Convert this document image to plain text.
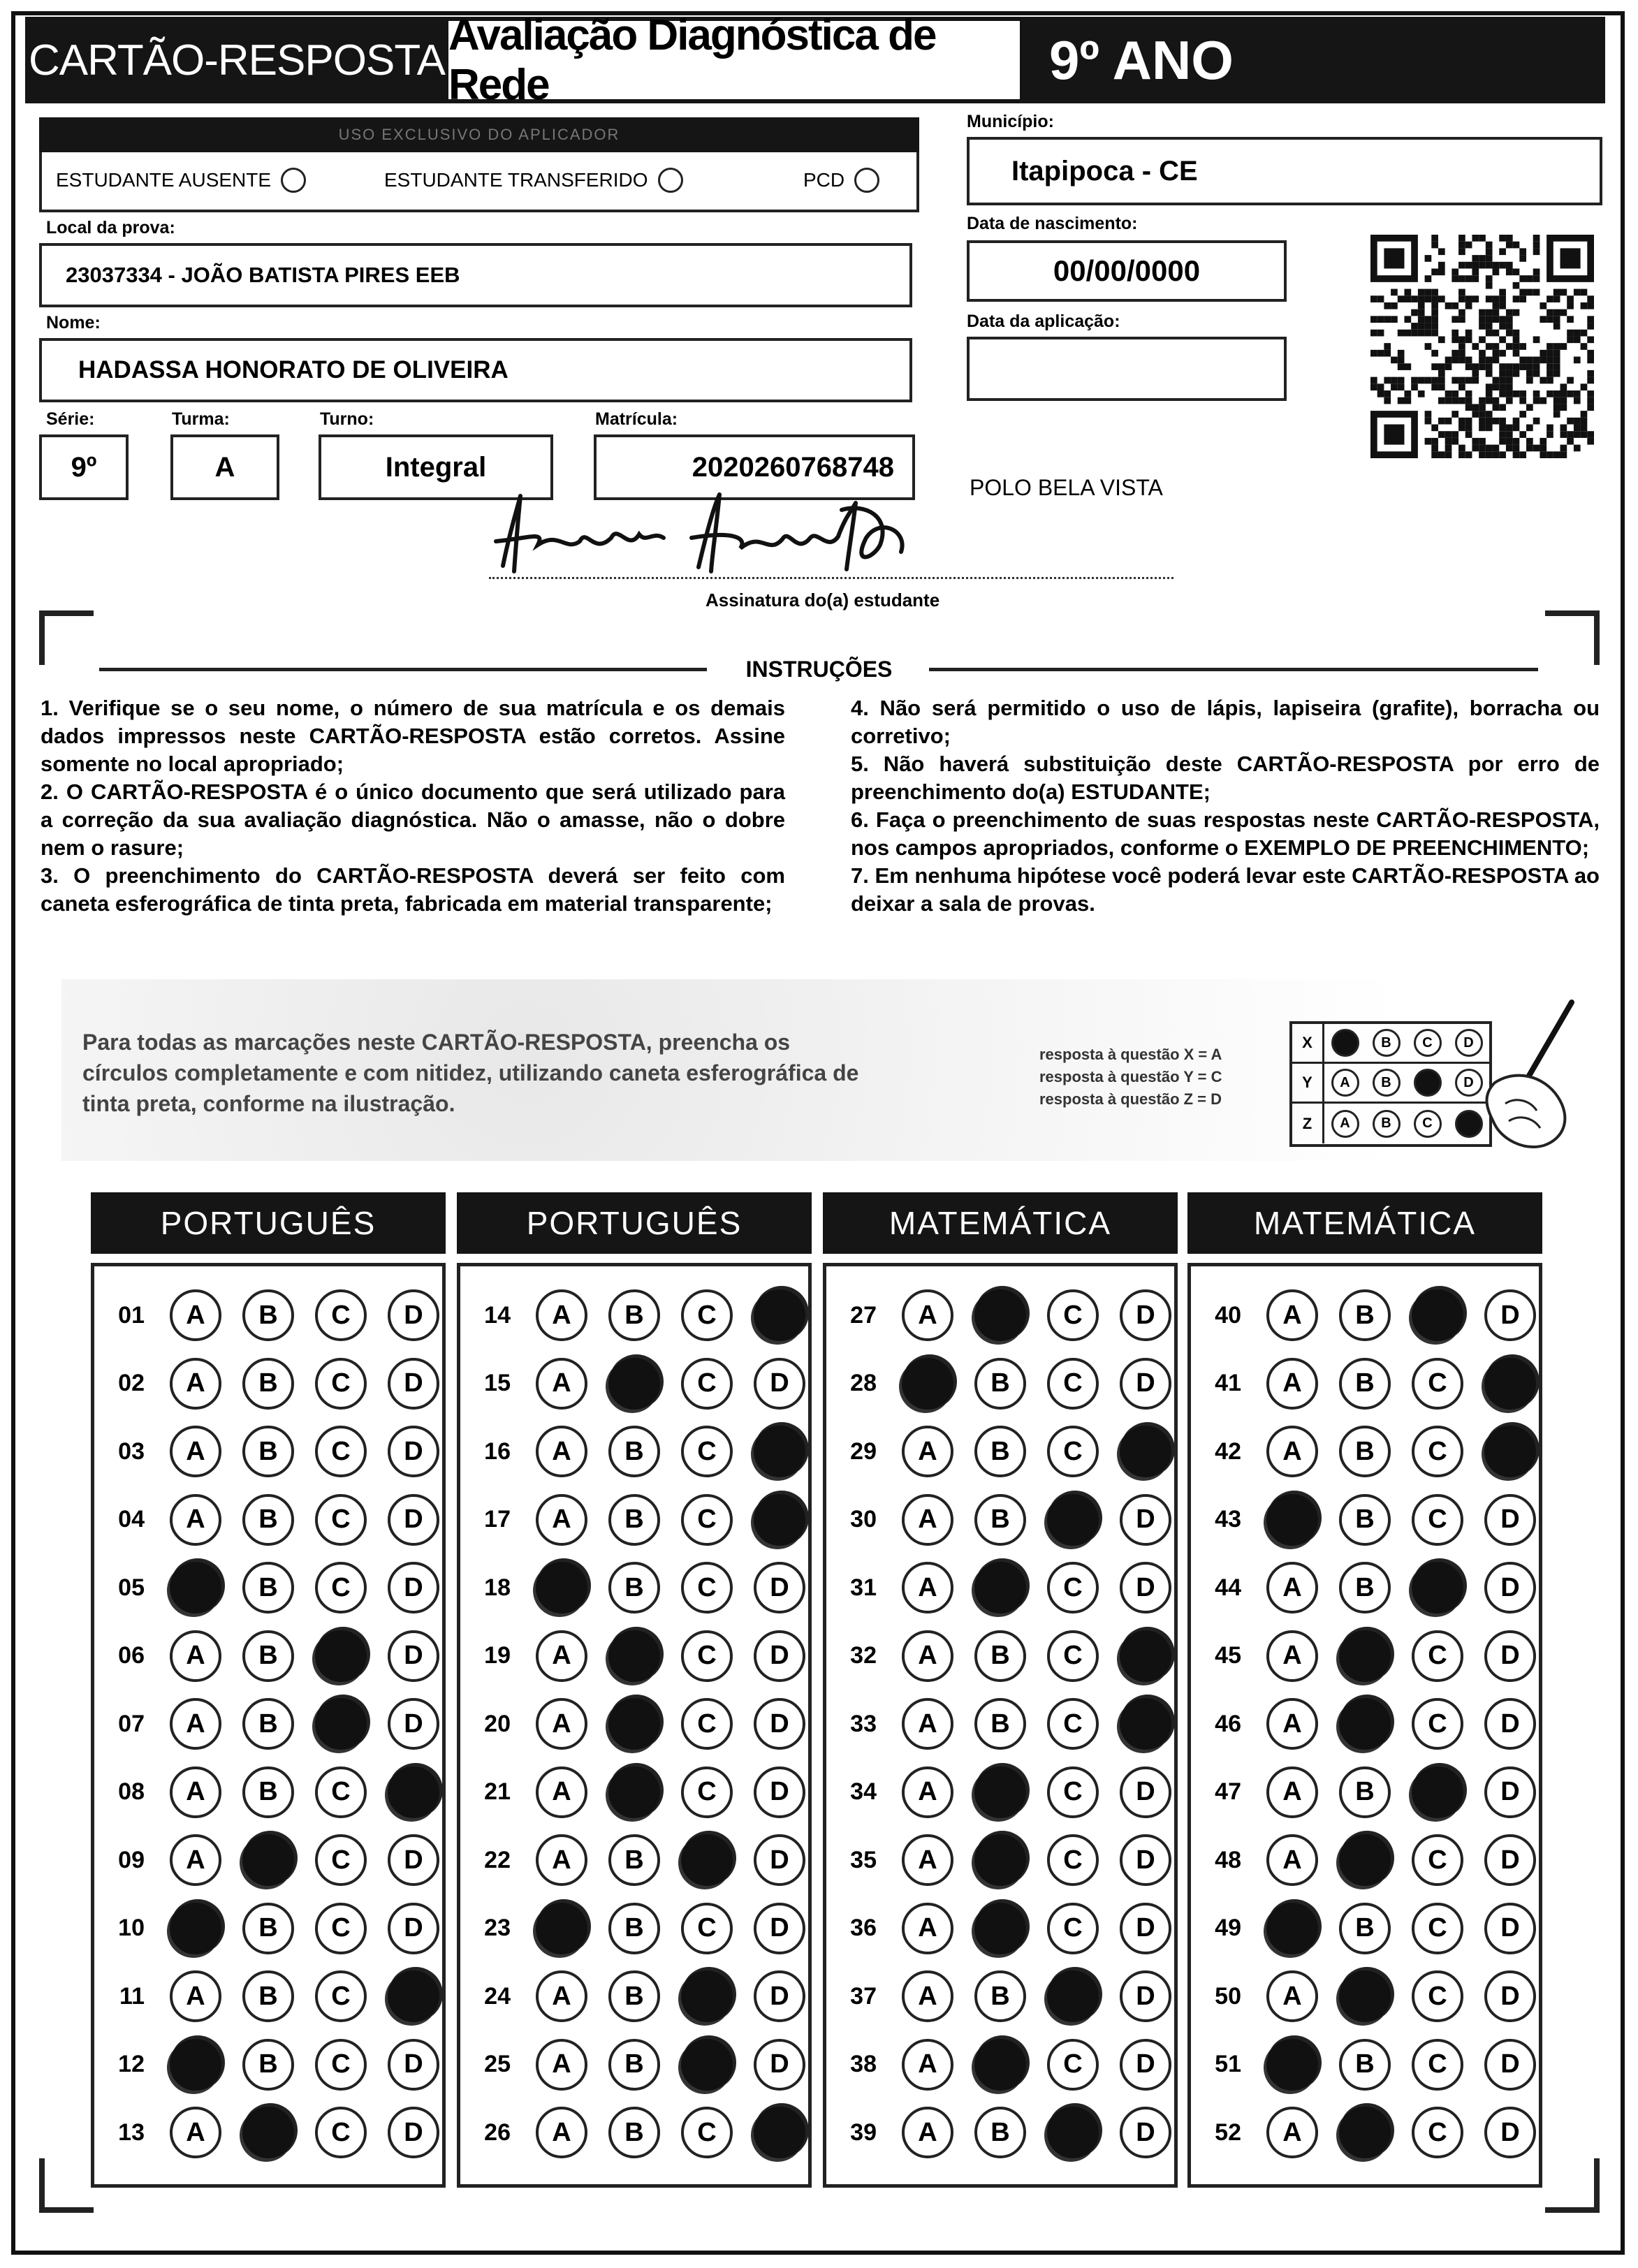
CARTÃO-RESPOSTA
Avaliação Diagnóstica de Rede	9º ANO
USO EXCLUSIVO DO APLICADOR
ESTUDANTE AUSENTE	ESTUDANTE TRANSFERIDO	PCD
Município:
Itapipoca - CE
Local da prova:
23037334 - JOÃO BATISTA PIRES EEB
Data de nascimento:
00/00/0000
Data da aplicação:
Nome:
HADASSA HONORATO DE OLIVEIRA
Série:
9º
Turma:
A
Turno:
Integral
Matrícula:
2020260768748
POLO BELA VISTA
Assinatura do(a) estudante
INSTRUÇÕES

1. Verifique se o seu nome, o número de sua matrícula e os demais dados impressos neste CARTÃO-RESPOSTA estão corretos. Assine somente no local apropriado;

2. O CARTÃO-RESPOSTA é o único documento que será utilizado para a correção da sua avaliação diagnóstica. Não o amasse, não o dobre nem o rasure;

3. O preenchimento do CARTÃO-RESPOSTA deverá ser feito com caneta esferográfica de tinta preta, fabricada em material transparente;

4. Não será permitido o uso de lápis, lapiseira (grafite), borracha ou corretivo;

5. Não haverá substituição deste CARTÃO-RESPOSTA por erro de preenchimento do(a) ESTUDANTE;

6. Faça o preenchimento de suas respostas neste CARTÃO-RESPOSTA, nos campos apropriados, conforme o EXEMPLO DE PREENCHIMENTO;

7. Em nenhuma hipótese você poderá levar este CARTÃO-RESPOSTA ao deixar a sala de provas.

Para todas as marcações neste CARTÃO-RESPOSTA, preencha os círculos completamente e com nitidez, utilizando caneta esferográfica de tinta preta, conforme na ilustração.
resposta à questão X = A
resposta à questão Y = C
resposta à questão Z = D
X	B	C	D
Y	A	B	D
Z	A	B	C
PORTUGUÊS
01	A	B	C	D
02	A	B	C	D
03	A	B	C	D
04	A	B	C	D
05	A	B	C	D
06	A	B	C	D
07	A	B	C	D
08	A	B	C	D
09	A	B	C	D
10	A	B	C	D
11	A	B	C	D
12	A	B	C	D
13	A	B	C	D
PORTUGUÊS
14	A	B	C	D
15	A	B	C	D
16	A	B	C	D
17	A	B	C	D
18	A	B	C	D
19	A	B	C	D
20	A	B	C	D
21	A	B	C	D
22	A	B	C	D
23	A	B	C	D
24	A	B	C	D
25	A	B	C	D
26	A	B	C	D
MATEMÁTICA
27	A	B	C	D
28	A	B	C	D
29	A	B	C	D
30	A	B	C	D
31	A	B	C	D
32	A	B	C	D
33	A	B	C	D
34	A	B	C	D
35	A	B	C	D
36	A	B	C	D
37	A	B	C	D
38	A	B	C	D
39	A	B	C	D
MATEMÁTICA
40	A	B	C	D
41	A	B	C	D
42	A	B	C	D
43	A	B	C	D
44	A	B	C	D
45	A	B	C	D
46	A	B	C	D
47	A	B	C	D
48	A	B	C	D
49	A	B	C	D
50	A	B	C	D
51	A	B	C	D
52	A	B	C	D
